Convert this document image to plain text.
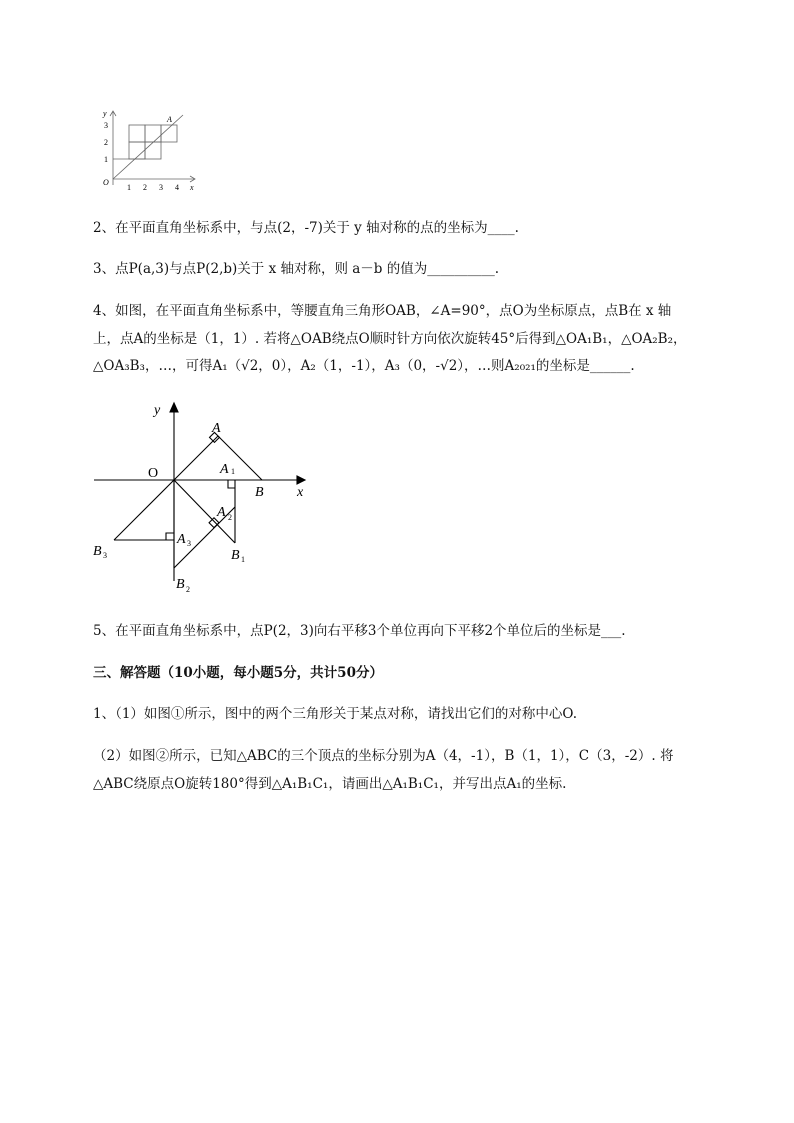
y
3
2
1
O
1 2 3 4 x
A
2、在平面直角坐标系中，与点(2，-7)关于 y 轴对称的点的坐标为____.
3、点P(a,3)与点P(2,b)关于 x 轴对称，则 a－b 的值为__________.
4、如图，在平面直角坐标系中，等腰直角三角形OAB，∠A=90°，点O为坐标原点，点B在 x 轴
上，点A的坐标是（1，1）. 若将△OAB绕点O顺时针方向依次旋转45°后得到△OA₁B₁，△OA₂B₂，
△OA₃B₃，…，可得A₁（√2，0），A₂（1，-1），A₃（0，-√2），…则A₂₀₂₁的坐标是______.
y
x
O
A
B
A 1
A 2
A 3
B 1
B 2
B 3
5、在平面直角坐标系中，点P(2，3)向右平移3个单位再向下平移2个单位后的坐标是___.
三、解答题（10小题，每小题5分，共计50分）
1、（1）如图①所示，图中的两个三角形关于某点对称，请找出它们的对称中心O.
（2）如图②所示，已知△ABC的三个顶点的坐标分别为A（4，-1），B（1，1），C（3，-2）. 将
△ABC绕原点O旋转180°得到△A₁B₁C₁，请画出△A₁B₁C₁，并写出点A₁的坐标.
